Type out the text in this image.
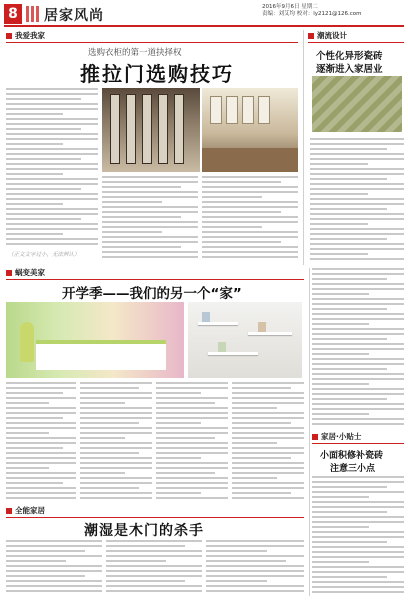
8 居家风尚
2016年9月6日 星期二
责编：刘艾均 校对：ly2121@126.com
我爱我家
选购衣柜的第一道抉择权
推拉门选购技巧
（正文文字过小，无法辨认）
潮流设计
个性化异形瓷砖
逐渐进入家居业
蜗变美家
开学季——我们的另一个“家”
家居·小贴士
小面积修补瓷砖
注意三小点
全能家居
潮湿是木门的杀手
